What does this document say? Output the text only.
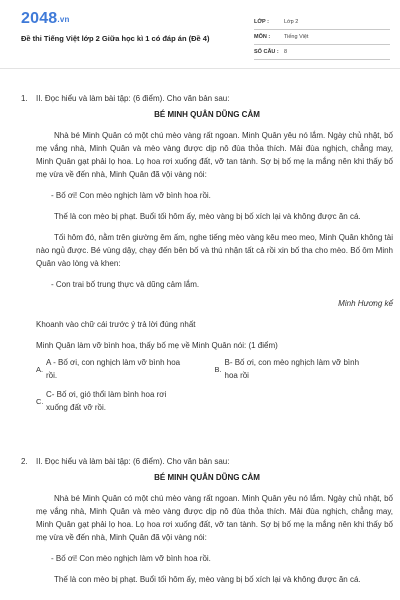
2048.vn
Đề thi Tiếng Việt lớp 2 Giữa học kì 1 có đáp án (Đề 4)
LỚP :	Lớp 2
MÔN :	Tiếng Việt
SỐ CÂU : 8
1.	II. Đọc hiểu và làm bài tập: (6 điểm). Cho văn bản sau:
BÉ MINH QUÂN DŨNG CẢM
Nhà bé Minh Quân có một chú mèo vàng rất ngoan. Minh Quân yêu nó lắm. Ngày chủ nhật, bố mẹ vắng nhà, Minh Quân và mèo vàng được dịp nô đùa thỏa thích. Mải đùa nghịch, chẳng may, Minh Quân gạt phải lọ hoa. Lọ hoa rơi xuống đất, vỡ tan tành. Sợ bị bố mẹ la mắng nên khi thấy bố mẹ vừa về đến nhà, Minh Quân đã vội vàng nói:
- Bố ơi! Con mèo nghịch làm vỡ bình hoa rồi.
Thế là con mèo bị phạt. Buổi tối hôm ấy, mèo vàng bị bố xích lại và không được ăn cá.
Tối hôm đó, nằm trên giường êm ấm, nghe tiếng mèo vàng kêu meo meo, Minh Quân không tài nào ngủ được. Bé vùng dậy, chạy đến bên bố và thú nhận tất cả rồi xin bố tha cho mèo. Bố ôm Minh Quân vào lòng và khen:
- Con trai bố trung thực và dũng cảm lắm.
Minh Hương kể
Khoanh vào chữ cái trước ý trả lời đúng nhất
Minh Quân làm vỡ bình hoa, thấy bố mẹ về Minh Quân nói: (1 điểm)
A.
A - Bố ơi, con nghịch làm vỡ bình hoa rồi.
B.
B- Bố ơi, con mèo nghịch làm vỡ bình hoa rồi
C.
C- Bố ơi, gió thổi làm bình hoa rơi xuống đất vỡ rồi.
2.	II. Đọc hiểu và làm bài tập: (6 điểm). Cho văn bản sau:
BÉ MINH QUÂN DŨNG CẢM
Nhà bé Minh Quân có một chú mèo vàng rất ngoan. Minh Quân yêu nó lắm. Ngày chủ nhật, bố mẹ vắng nhà, Minh Quân và mèo vàng được dịp nô đùa thỏa thích. Mải đùa nghịch, chẳng may, Minh Quân gạt phải lọ hoa. Lọ hoa rơi xuống đất, vỡ tan tành. Sợ bị bố mẹ la mắng nên khi thấy bố mẹ vừa về đến nhà, Minh Quân đã vội vàng nói:
- Bố ơi! Con mèo nghịch làm vỡ bình hoa rồi.
Thế là con mèo bị phạt. Buổi tối hôm ấy, mèo vàng bị bố xích lại và không được ăn cá.
